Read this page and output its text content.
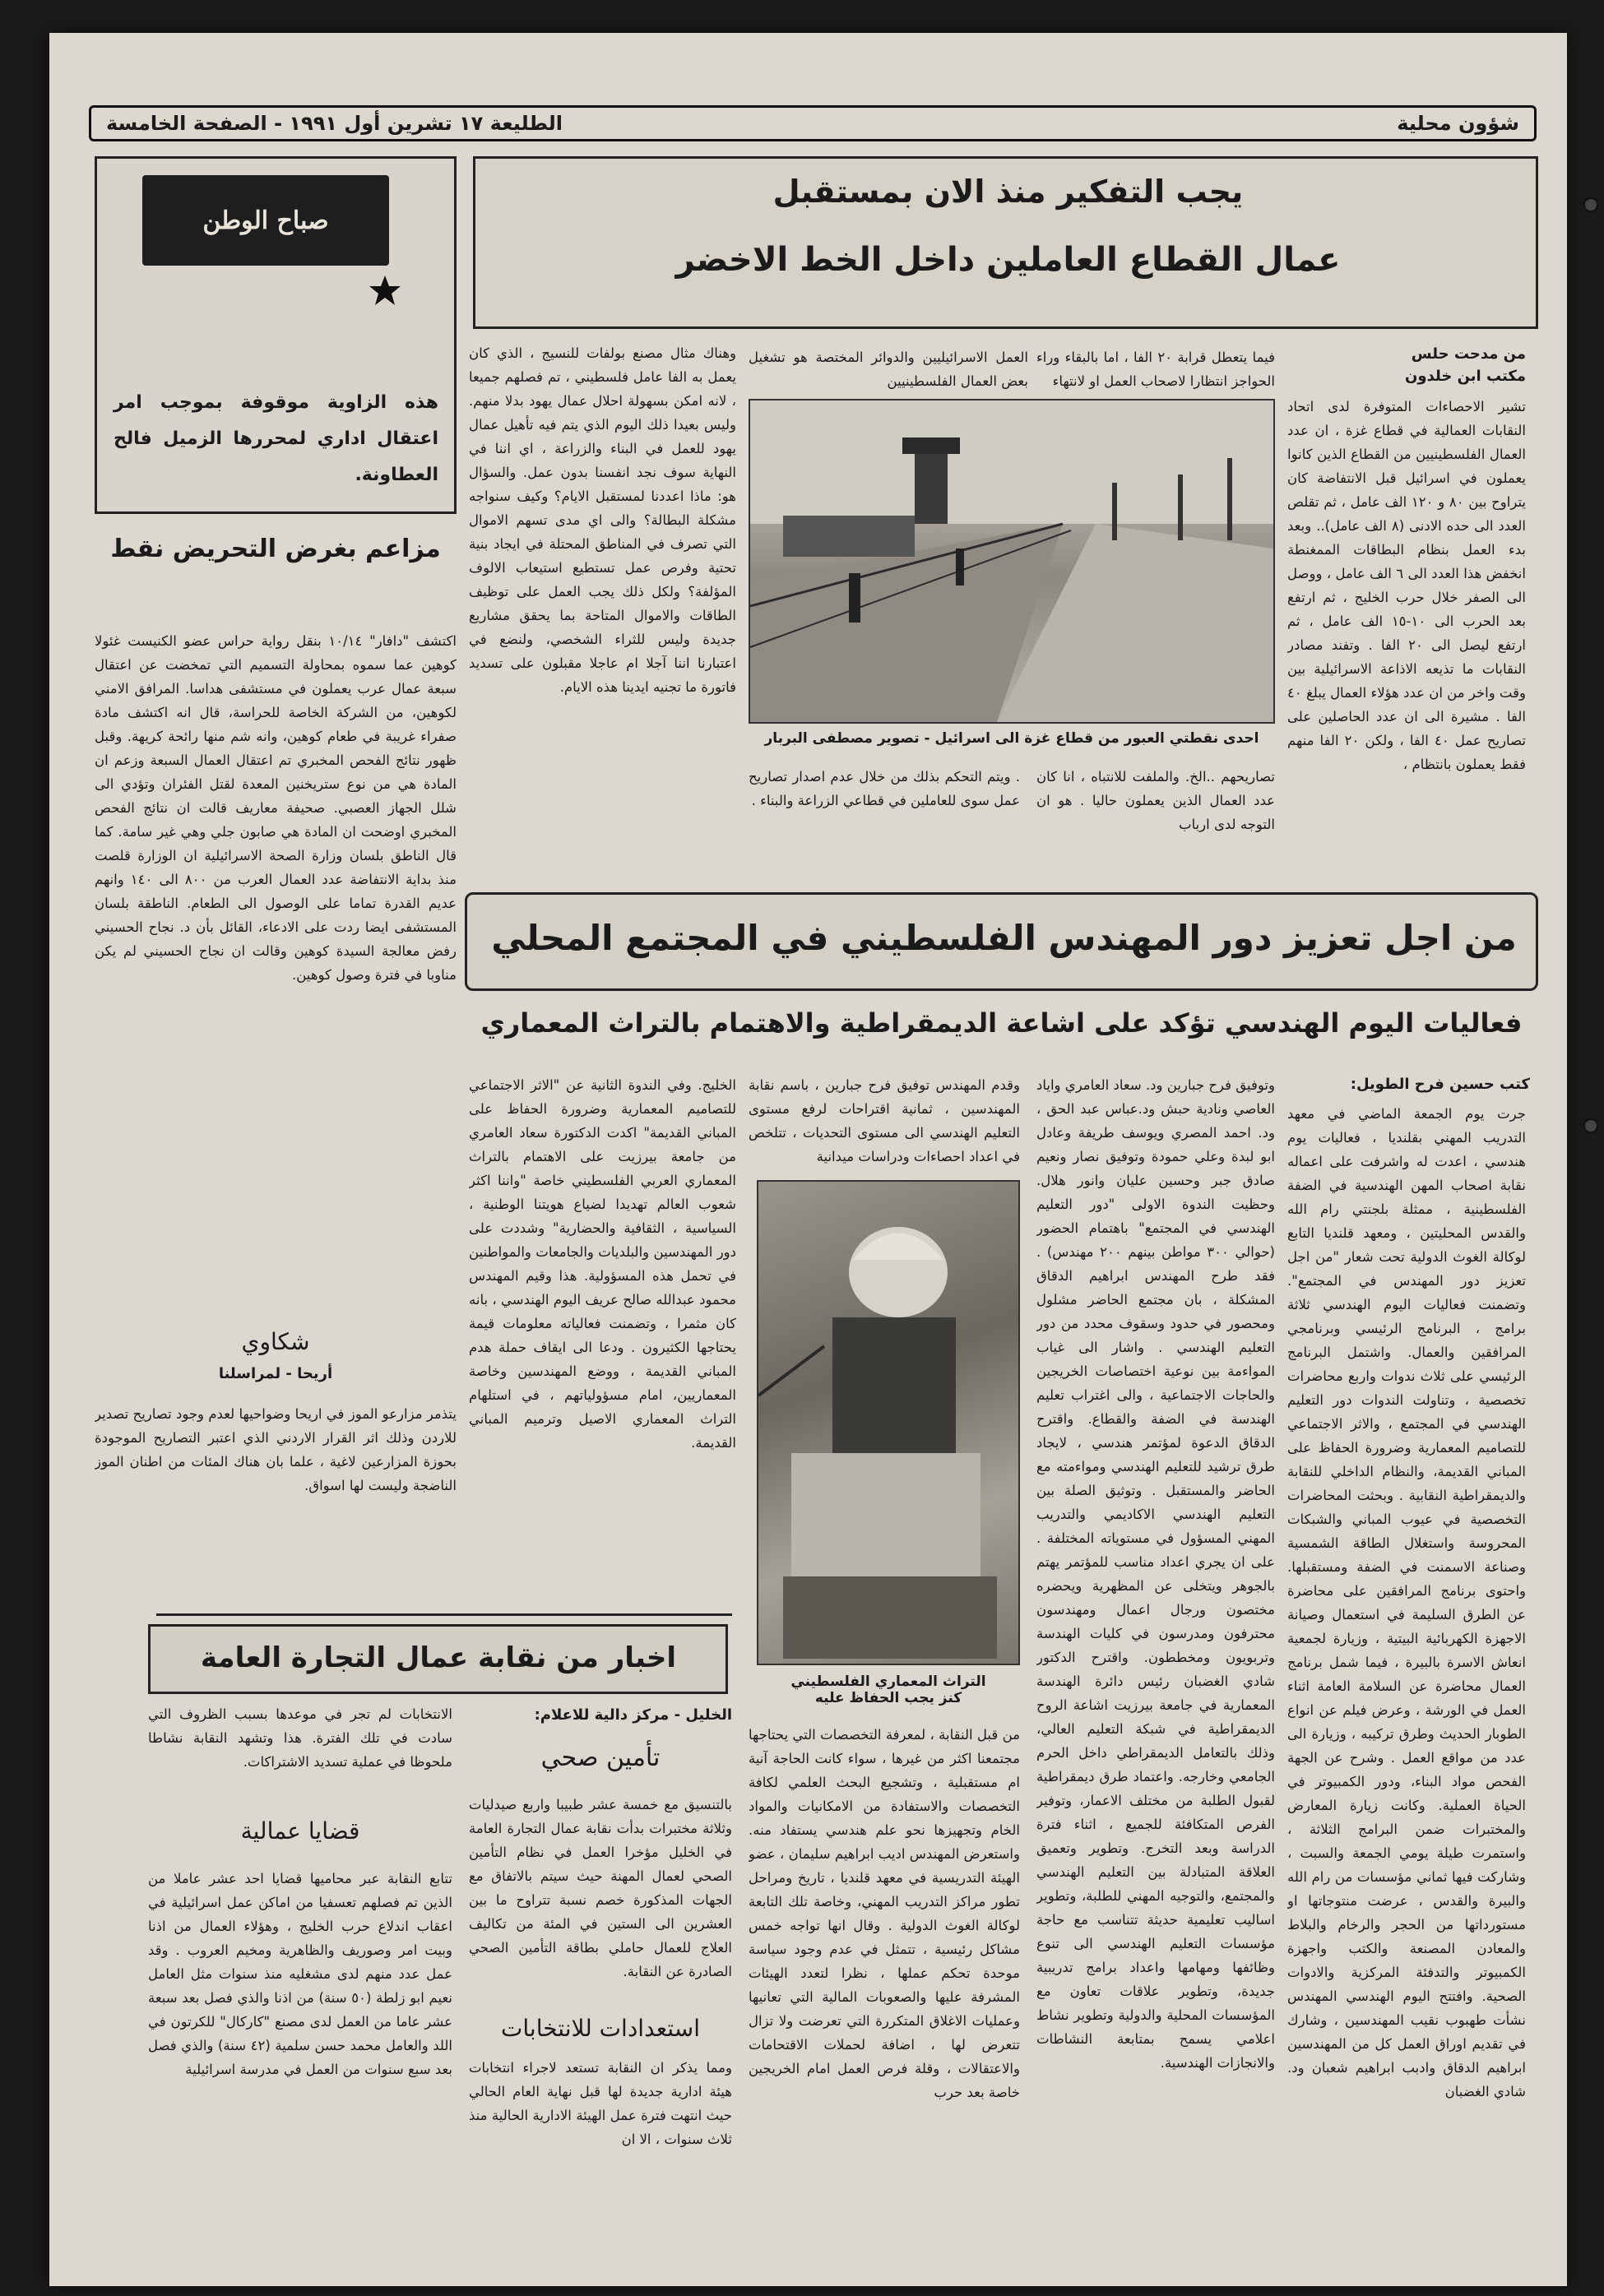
شؤون محلية
الطليعة ١٧ تشرين أول ١٩٩١ - الصفحة الخامسة
صباح الوطن
هذه الزاوية موقوفة بموجب امر اعتقال اداري لمحررها الزميل فالح العطاونة.
يجب التفكير منذ الان بمستقبل
عمال القطاع العاملين داخل الخط الاخضر
من مدحت حلس
مكتب ابن خلدون
تشير الاحصاءات المتوفرة لدى اتحاد النقابات العمالية في قطاع غزة ، ان عدد العمال الفلسطينيين من القطاع الذين كانوا يعملون في اسرائيل قبل الانتفاضة كان يتراوح بين ٨٠ و ١٢٠ الف عامل ، ثم تقلص العدد الى حده الادنى (٨ الف عامل).. وبعد بدء العمل بنظام البطاقات الممغنطة انخفض هذا العدد الى ٦ الف عامل ، ووصل الى الصفر خلال حرب الخليج ، ثم ارتفع بعد الحرب الى ١٠-١٥ الف عامل ، ثم ارتفع ليصل الى ٢٠ الفا . وتفند مصادر النقابات ما تذيعه الاذاعة الاسرائيلية بين وقت واخر من ان عدد هؤلاء العمال يبلغ ٤٠ الفا . مشيرة الى ان عدد الحاصلين على تصاريح عمل ٤٠ الفا ، ولكن ٢٠ الفا منهم فقط يعملون بانتظام ،
فيما يتعطل قرابة ٢٠ الفا ، اما بالبقاء وراء الحواجز انتظارا لاصحاب العمل او لانتهاء
العمل الاسرائيليين والدوائر المختصة هو تشغيل بعض العمال الفلسطينيين
احدى نقطتي العبور من قطاع غزة الى اسرائيل - تصوير مصطفى البربار
تصاريحهم ..الخ. والملفت للانتباه ، انا كان عدد العمال الذين يعملون حاليا . هو ان التوجه لدى ارباب
. ويتم التحكم بذلك من خلال عدم اصدار تصاريح عمل سوى للعاملين في قطاعي الزراعة والبناء .
وهناك مثال مصنع بولفات للنسيج ، الذي كان يعمل به الفا عامل فلسطيني ، تم فصلهم جميعا ، لانه امكن بسهولة احلال عمال يهود بدلا منهم. وليس بعيدا ذلك اليوم الذي يتم فيه تأهيل عمال يهود للعمل في البناء والزراعة ، اي اننا في النهاية سوف نجد انفسنا بدون عمل. والسؤال هو: ماذا اعددنا لمستقبل الايام؟ وكيف سنواجه مشكلة البطالة؟ والى اي مدى تسهم الاموال التي تصرف في المناطق المحتلة في ايجاد بنية تحتية وفرص عمل تستطيع استيعاب الالوف المؤلفة؟ ولكل ذلك يجب العمل على توظيف الطاقات والاموال المتاحة بما يحقق مشاريع جديدة وليس للثراء الشخصي، ولنضع في اعتبارنا اننا آجلا ام عاجلا مقبلون على تسديد فاتورة ما تجنيه ايدينا هذه الايام.
مزاعم بغرض التحريض نقط
اكتشف "دافار" ١٠/١٤ بنقل رواية حراس عضو الكنيست غئولا كوهين عما سموه بمحاولة التسميم التي تمخضت عن اعتقال سبعة عمال عرب يعملون في مستشفى هداسا. المرافق الامني لكوهين، من الشركة الخاصة للحراسة، قال انه اكتشف مادة صفراء غريبة في طعام كوهين، وانه شم منها رائحة كريهة. وقبل ظهور نتائج الفحص المخبري تم اعتقال العمال السبعة وزعم ان المادة هي من نوع ستريخنين المعدة لقتل الفئران وتؤدي الى شلل الجهاز العصبي. صحيفة معاريف قالت ان نتائج الفحص المخبري اوضحت ان المادة هي صابون جلي وهي غير سامة. كما قال الناطق بلسان وزارة الصحة الاسرائيلية ان الوزارة قلصت منذ بداية الانتفاضة عدد العمال العرب من ٨٠٠ الى ١٤٠ وانهم عديم القدرة تماما على الوصول الى الطعام. الناطقة بلسان المستشفى ايضا ردت على الادعاء، القائل بأن د. نجاح الحسيني رفض معالجة السيدة كوهين وقالت ان نجاح الحسيني لم يكن مناوبا في فترة وصول كوهين.
شكاوي
أريحا - لمراسلنا
يتذمر مزارعو الموز في اريحا وضواحيها لعدم وجود تصاريح تصدير للاردن وذلك اثر القرار الاردني الذي اعتبر التصاريح الموجودة بحوزة المزارعين لاغية ، علما بان هناك المئات من اطنان الموز الناضجة وليست لها اسواق.
من اجل تعزيز دور المهندس الفلسطيني في المجتمع المحلي
فعاليات اليوم الهندسي تؤكد على اشاعة الديمقراطية والاهتمام بالتراث المعماري
كتب حسين فرح الطويل:
جرت يوم الجمعة الماضي في معهد التدريب المهني بقلنديا ، فعاليات يوم هندسي ، اعدت له واشرفت على اعماله نقابة اصحاب المهن الهندسية في الضفة الفلسطينية ، ممثلة بلجنتي رام الله والقدس المحليتين ، ومعهد قلنديا التابع لوكالة الغوث الدولية تحت شعار "من اجل تعزيز دور المهندس في المجتمع". وتضمنت فعاليات اليوم الهندسي ثلاثة برامج ، البرنامج الرئيسي وبرنامجي المرافقين والعمال. واشتمل البرنامج الرئيسي على ثلاث ندوات واربع محاضرات تخصصية ، وتناولت الندوات دور التعليم الهندسي في المجتمع ، والاثر الاجتماعي للتصاميم المعمارية وضرورة الحفاظ على المباني القديمة، والنظام الداخلي للنقابة والديمقراطية النقابية . وبحثت المحاضرات التخصصية في عيوب المباني والشبكات المحروسة واستغلال الطاقة الشمسية وصناعة الاسمنت في الضفة ومستقبلها. واحتوى برنامج المرافقين على محاضرة عن الطرق السليمة في استعمال وصيانة الاجهزة الكهربائية البيتية ، وزيارة لجمعية انعاش الاسرة بالبيرة ، فيما شمل برنامج العمال محاضرة عن السلامة العامة اثناء العمل في الورشة ، وعرض فيلم عن انواع الطوبار الحديث وطرق تركيبه ، وزيارة الى عدد من مواقع العمل . وشرح عن الجهة الفحص مواد البناء، ودور الكمبيوتر في الحياة العملية. وكانت زيارة المعارض والمختبرات ضمن البرامج الثلاثة ، واستمرت طيلة يومي الجمعة والسبت ، وشاركت فيها ثماني مؤسسات من رام الله والبيرة والقدس ، عرضت منتوجاتها او مستورداتها من الحجر والرخام والبلاط والمعادن المصنعة والكتب واجهزة الكمبيوتر والتدفئة المركزية والادوات الصحية. وافتتح اليوم الهندسي المهندس نشأت طهبوب نقيب المهندسين ، وشارك في تقديم اوراق العمل كل من المهندسين ابراهيم الدقاق وادبب ابراهيم شعبان ود. شادي الغضبان
وتوفيق فرح جبارين ود. سعاد العامري واياد العاصي ونادية حبش ود.عباس عبد الحق ، ود. احمد المصري ويوسف طريفة وعادل ابو لبدة وعلي حمودة وتوفيق نصار ونعيم صادق جبر وحسين عليان وانور هلال. وحظيت الندوة الاولى "دور التعليم الهندسي في المجتمع" باهتمام الحضور (حوالي ٣٠٠ مواطن بينهم ٢٠٠ مهندس) . فقد طرح المهندس ابراهيم الدقاق المشكلة ، بان مجتمع الحاضر مشلول ومحصور في حدود وسقوف محدد من دور التعليم الهندسي . واشار الى غياب المواءمة بين نوعية اختصاصات الخريجين والحاجات الاجتماعية ، والى اغتراب تعليم الهندسة في الضفة والقطاع. واقترح الدقاق الدعوة لمؤتمر هندسي ، لايجاد طرق ترشيد للتعليم الهندسي ومواءمته مع الحاضر والمستقبل . وتوثيق الصلة بين التعليم الهندسي الاكاديمي والتدريب المهني المسؤول في مستوياته المختلفة . على ان يجري اعداد مناسب للمؤتمر يهتم بالجوهر ويتخلى عن المظهرية ويحضره مختصون ورجال اعمال ومهندسون محترفون ومدرسون في كليات الهندسة وتربويون ومخططون. واقترح الدكتور شادي الغضبان رئيس دائرة الهندسة المعمارية في جامعة بيرزيت اشاعة الروح الديمقراطية في شبكة التعليم العالي، وذلك بالتعامل الديمقراطي داخل الحرم الجامعي وخارجه. واعتماد طرق ديمقراطية لقبول الطلبة من مختلف الاعمار، وتوفير الفرص المتكافئة للجميع ، اثناء فترة الدراسة وبعد التخرج. وتطوير وتعميق العلاقة المتبادلة بين التعليم الهندسي والمجتمع، والتوجيه المهني للطلبة، وتطوير اساليب تعليمية حديثة تتناسب مع حاجة مؤسسات التعليم الهندسي الى تنوع وظائفها ومهامها واعداد برامج تدريبية جديدة، وتطوير علاقات تعاون مع المؤسسات المحلية والدولية وتطوير نشاط اعلامي يسمح بمتابعة النشاطات والانجازات الهندسية.
وقدم المهندس توفيق فرح جبارين ، باسم نقابة المهندسين ، ثمانية اقتراحات لرفع مستوى التعليم الهندسي الى مستوى التحديات ، تتلخص في اعداد احصاءات ودراسات ميدانية
التراث المعماري الفلسطيني
كنز يجب الحفاظ عليه
من قبل النقابة ، لمعرفة التخصصات التي يحتاجها مجتمعنا اكثر من غيرها ، سواء كانت الحاجة آنية ام مستقبلية ، وتشجيع البحث العلمي لكافة التخصصات والاستفادة من الامكانيات والمواد الخام وتجهيزها نحو علم هندسي يستفاد منه. واستعرض المهندس اديب ابراهيم سليمان ، عضو الهيئة التدريسية في معهد قلنديا ، تاريخ ومراحل تطور مراكز التدريب المهني، وخاصة تلك التابعة لوكالة الغوث الدولية . وقال انها تواجه خمس مشاكل رئيسية ، تتمثل في عدم وجود سياسة موحدة تحكم عملها ، نظرا لتعدد الهيئات المشرفة عليها والصعوبات المالية التي تعانيها وعمليات الاغلاق المتكررة التي تعرضت ولا تزال تتعرض لها ، اضافة لحملات الاقتحامات والاعتقالات ، وقلة فرص العمل امام الخريجين خاصة بعد حرب
الخليج. وفي الندوة الثانية عن "الاثر الاجتماعي للتصاميم المعمارية وضرورة الحفاظ على المباني القديمة" اكدت الدكتورة سعاد العامري من جامعة بيرزيت على الاهتمام بالتراث المعماري العربي الفلسطيني خاصة "واننا اكثر شعوب العالم تهديدا لضياع هويتنا الوطنية ، السياسية ، الثقافية والحضارية" وشددت على دور المهندسين والبلديات والجامعات والمواطنين في تحمل هذه المسؤولية. هذا وقيم المهندس محمود عبدالله صالح عريف اليوم الهندسي ، بانه كان مثمرا ، وتضمنت فعالياته معلومات قيمة يحتاجها الكثيرون . ودعا الى ايقاف حملة هدم المباني القديمة ، ووضع المهندسين وخاصة المعماريين، امام مسؤولياتهم ، في استلهام التراث المعماري الاصيل وترميم المباني القديمة.
اخبار من نقابة عمال التجارة العامة
الخليل - مركز دالية للاعلام:
تأمين صحي
بالتنسيق مع خمسة عشر طبيبا واربع صيدليات وثلاثة مختبرات بدأت نقابة عمال التجارة العامة في الخليل مؤخرا العمل في نظام التأمين الصحي لعمال المهنة حيث سيتم بالاتفاق مع الجهات المذكورة خصم نسبة تتراوح ما بين العشرين الى الستين في المئة من تكاليف العلاج للعمال حاملي بطاقة التأمين الصحي الصادرة عن النقابة.
استعدادات للانتخابات
ومما يذكر ان النقابة تستعد لاجراء انتخابات هيئة ادارية جديدة لها قبل نهاية العام الحالي حيث انتهت فترة عمل الهيئة الادارية الحالية منذ ثلاث سنوات ، الا ان
الانتخابات لم تجر في موعدها بسبب الظروف التي سادت في تلك الفترة. هذا وتشهد النقابة نشاطا ملحوظا في عملية تسديد الاشتراكات.
قضايا عمالية
تتابع النقابة عبر محاميها قضايا احد عشر عاملا من الذين تم فصلهم تعسفيا من اماكن عمل اسرائيلية في اعقاب اندلاع حرب الخليج ، وهؤلاء العمال من اذنا وبيت امر وصوريف والظاهرية ومخيم العروب . وقد عمل عدد منهم لدى مشغليه منذ سنوات مثل العامل نعيم ابو زلطة (٥٠ سنة) من اذنا والذي فصل بعد سبعة عشر عاما من العمل لدى مصنع "كاركال" للكرتون في اللد والعامل محمد حسن سلمية (٤٢ سنة) والذي فصل بعد سبع سنوات من العمل في مدرسة اسرائيلية
